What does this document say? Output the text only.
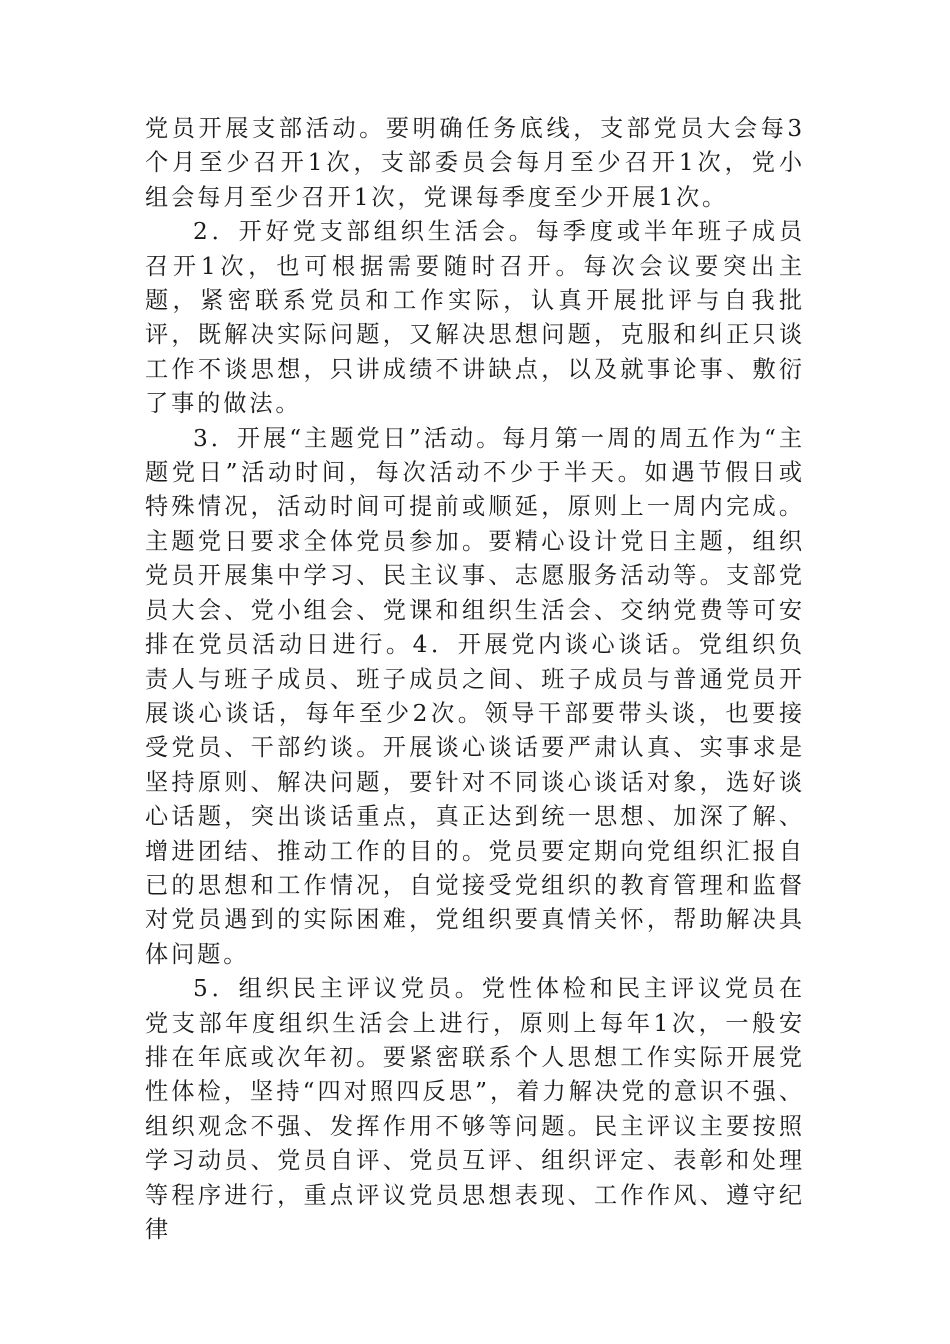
党员开展支部活动。要明确任务底线，支部党员大会每3个月至少召开1次，支部委员会每月至少召开1次，党小组会每月至少召开1次，党课每季度至少开展1次。

2．开好党支部组织生活会。每季度或半年班子成员召开1次，也可根据需要随时召开。每次会议要突出主题，紧密联系党员和工作实际，认真开展批评与自我批评，既解决实际问题，又解决思想问题，克服和纠正只谈工作不谈思想，只讲成绩不讲缺点，以及就事论事、敷衍了事的做法。

3．开展“主题党日”活动。每月第一周的周五作为“主题党日”活动时间，每次活动不少于半天。如遇节假日或特殊情况，活动时间可提前或顺延，原则上一周内完成。主题党日要求全体党员参加。要精心设计党日主题，组织党员开展集中学习、民主议事、志愿服务活动等。支部党员大会、党小组会、党课和组织生活会、交纳党费等可安排在党员活动日进行。4．开展党内谈心谈话。党组织负责人与班子成员、班子成员之间、班子成员与普通党员开展谈心谈话，每年至少2次。领导干部要带头谈，也要接受党员、干部约谈。开展谈心谈话要严肃认真、实事求是坚持原则、解决问题，要针对不同谈心谈话对象，选好谈心话题，突出谈话重点，真正达到统一思想、加深了解、增进团结、推动工作的目的。党员要定期向党组织汇报自已的思想和工作情况，自觉接受党组织的教育管理和监督对党员遇到的实际困难，党组织要真情关怀，帮助解决具体问题。

5．组织民主评议党员。党性体检和民主评议党员在党支部年度组织生活会上进行，原则上每年1次，一般安排在年底或次年初。要紧密联系个人思想工作实际开展党性体检，坚持“四对照四反思”，着力解决党的意识不强、组织观念不强、发挥作用不够等问题。民主评议主要按照学习动员、党员自评、党员互评、组织评定、表彰和处理等程序进行，重点评议党员思想表现、工作作风、遵守纪律
